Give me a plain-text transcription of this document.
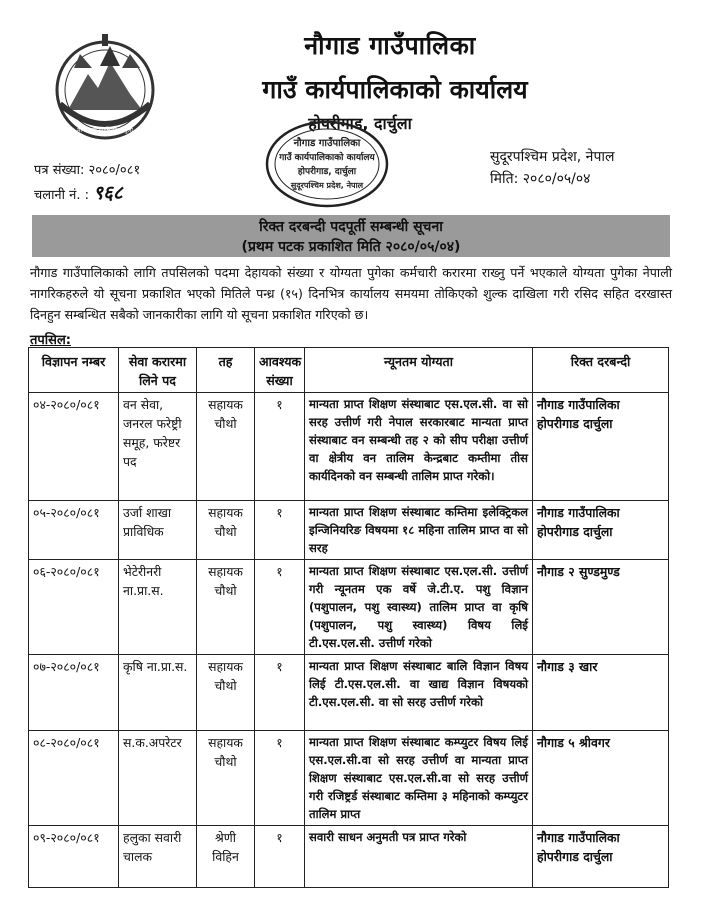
नौगाड गाउँपालिका दार्चुला
नौगाड गाउँपालिका
गाउँ कार्यपालिकाको कार्यालय
होपरीगाड, दार्चुला
नौगाड गाउँपालिका
गाउँ कार्यपालिकाको कार्यालय
होपरीगाड, दार्चुला
सुदूरपश्चिम प्रदेश, नेपाल
पत्र संख्या: २०८०/०८१
चलानी नं. : ९६८
सुदूरपश्चिम प्रदेश, नेपाल
मिति: २०८०/०५/०४
रिक्त दरबन्दी पदपूर्ती सम्बन्धी सूचना
(प्रथम पटक प्रकाशित मिति २०८०/०५/०४)
नौगाड गाउँपालिकाको लागि तपसिलको पदमा देहायको संख्या र योग्यता पुगेका कर्मचारी करारमा राख्नु पर्ने भएकाले योग्यता पुगेका नेपाली नागरिकहरुले यो सूचना प्रकाशित भएको मितिले पन्ध्र (१५) दिनभित्र कार्यालय समयमा तोकिएको शुल्क दाखिला गरी रसिद सहित दरखास्त दिनहुन सम्बन्धित सबैको जानकारीका लागि यो सूचना प्रकाशित गरिएको छ।
तपसिल:
विज्ञापन नम्बर	सेवा करारमा लिने पद	तह	आवश्यक संख्या	न्यूनतम योग्यता	रिक्त दरबन्दी
०४-२०८०/०८१	वन सेवा, जनरल फरेष्ट्री समूह, फरेष्टर पद	सहायक चौथो	१	मान्यता प्राप्त शिक्षण संस्थाबाट एस.एल.सी. वा सो सरह उत्तीर्ण गरी नेपाल सरकारबाट मान्यता प्राप्त संस्थाबाट वन सम्बन्धी तह २ को सीप परीक्षा उत्तीर्ण वा क्षेत्रीय वन तालिम केन्द्रबाट कम्तीमा तीस कार्यदिनको वन सम्बन्धी तालिम प्राप्त गरेको।	नौगाड गाउँपालिका होपरीगाड दार्चुला
०५-२०८०/०८१	उर्जा शाखा प्राविधिक	सहायक चौथो	१	मान्यता प्राप्त शिक्षण संस्थाबाट कम्तिमा इलेक्ट्रिकल इन्जिनियरिङ विषयमा १८ महिना तालिम प्राप्त वा सो सरह	नौगाड गाउँपालिका होपरीगाड दार्चुला
०६-२०८०/०८१	भेटेरीनरी ना.प्रा.स.	सहायक चौथो	१	मान्यता प्राप्त शिक्षण संस्थाबाट एस.एल.सी. उत्तीर्ण गरी न्यूनतम एक वर्षे जे.टी.ए. पशु विज्ञान (पशुपालन, पशु स्वास्थ्य) तालिम प्राप्त वा कृषि (पशुपालन, पशु स्वास्थ्य) विषय लिई टी.एस.एल.सी. उत्तीर्ण गरेको	नौगाड २ सुण्डमुण्ड
०७-२०८०/०८१	कृषि ना.प्रा.स.	सहायक चौथो	१	मान्यता प्राप्त शिक्षण संस्थाबाट बालि विज्ञान विषय लिई टी.एस.एल.सी. वा खाद्य विज्ञान विषयको टी.एस.एल.सी. वा सो सरह उत्तीर्ण गरेको	नौगाड ३ खार
०८-२०८०/०८१	स.क.अपरेटर	सहायक चौथो	१	मान्यता प्राप्त शिक्षण संस्थाबाट कम्प्युटर विषय लिई एस.एल.सी.वा सो सरह उत्तीर्ण वा मान्यता प्राप्त शिक्षण संस्थाबाट एस.एल.सी.वा सो सरह उत्तीर्ण गरी रजिष्ट्रर्ड संस्थाबाट कम्तिमा ३ महिनाको कम्प्युटर तालिम प्राप्त	नौगाड ५ श्रीवगर
०९-२०८०/०८१	हलुका सवारी चालक	श्रेणी विहिन	१	सवारी साधन अनुमती पत्र प्राप्त गरेको	नौगाड गाउँपालिका होपरीगाड दार्चुला
